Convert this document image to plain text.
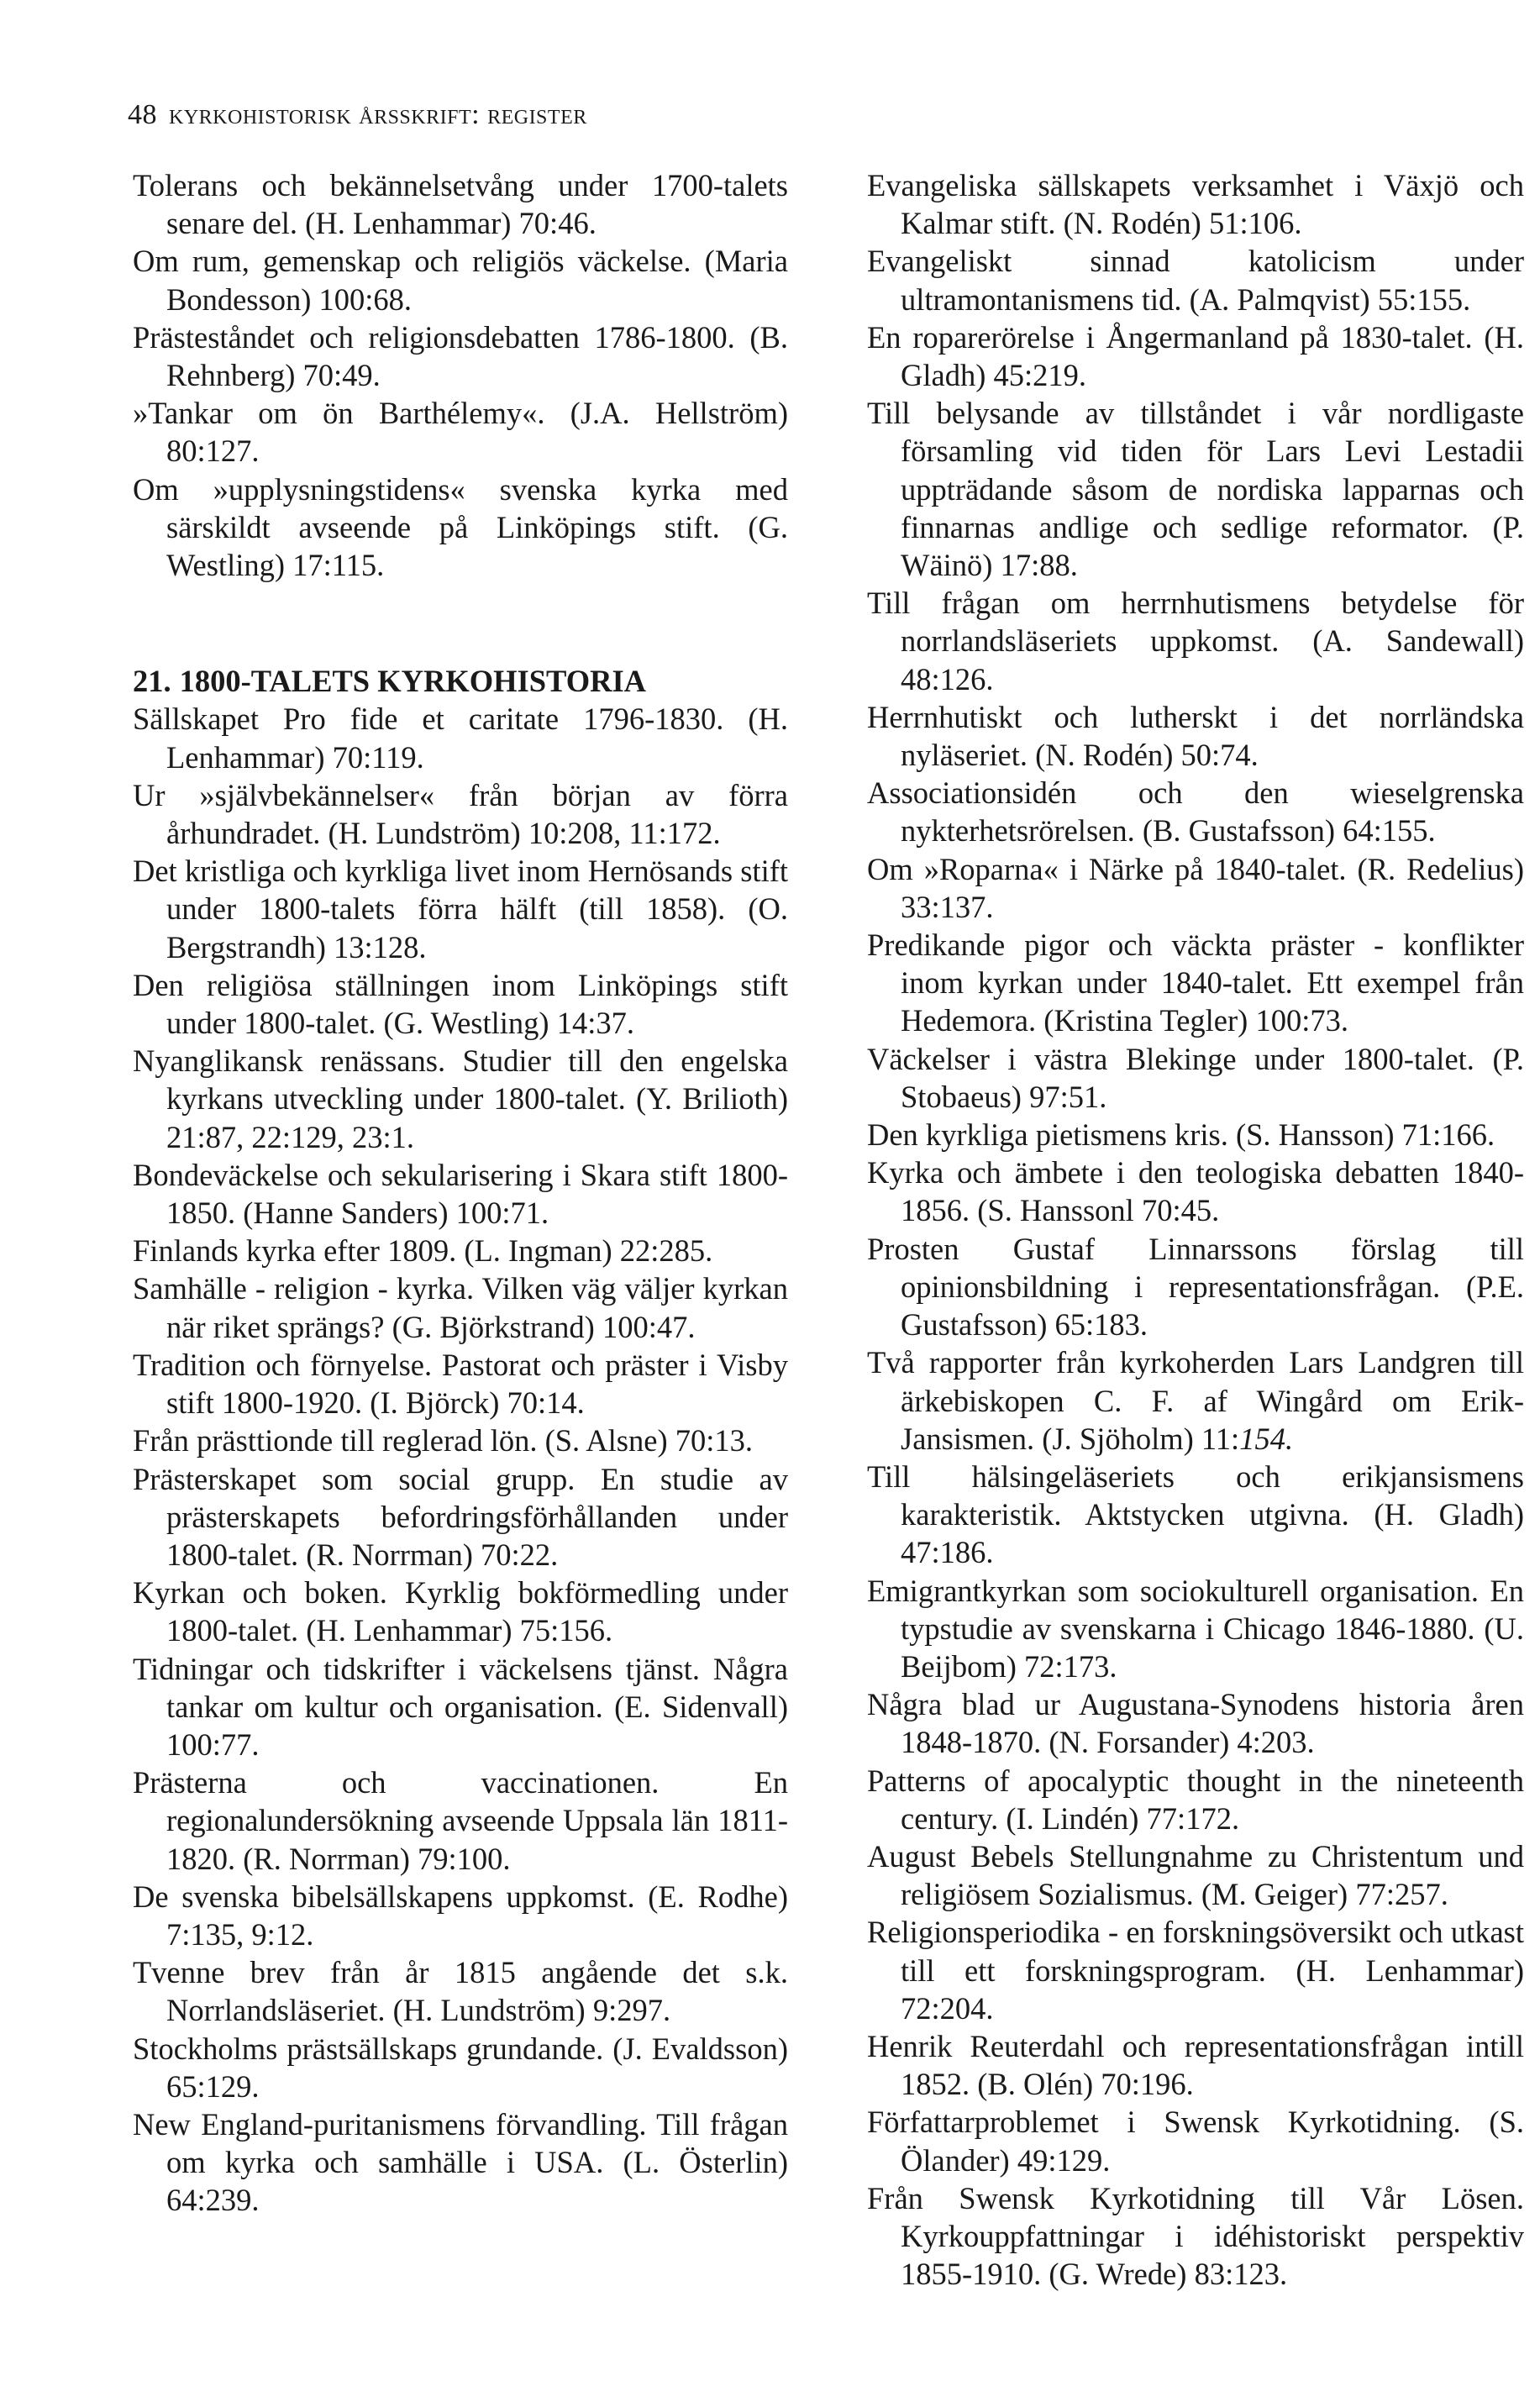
48 kyrkohistorisk årsskrift: register

Tolerans och bekännelsetvång under 1700-talets senare del. (H. Lenhammar) 70:46.

Om rum, gemenskap och religiös väckelse. (Maria Bondesson) 100:68.

Prästeståndet och religionsdebatten 1786-1800. (B. Rehnberg) 70:49.

»Tankar om ön Barthélemy«. (J.A. Hellström) 80:127.

Om »upplysningstidens« svenska kyrka med särskildt avseende på Linköpings stift. (G. Westling) 17:115.

21. 1800-TALETS KYRKOHISTORIA

Sällskapet Pro fide et caritate 1796-1830. (H. Lenhammar) 70:119.

Ur »självbekännelser« från början av förra århundradet. (H. Lundström) 10:208, 11:172.

Det kristliga och kyrkliga livet inom Hernösands stift under 1800-talets förra hälft (till 1858). (O. Bergstrandh) 13:128.

Den religiösa ställningen inom Linköpings stift under 1800-talet. (G. Westling) 14:37.

Nyanglikansk renässans. Studier till den engelska kyrkans utveckling under 1800-talet. (Y. Brilioth) 21:87, 22:129, 23:1.

Bondeväckelse och sekularisering i Skara stift 1800-1850. (Hanne Sanders) 100:71.

Finlands kyrka efter 1809. (L. Ingman) 22:285.

Samhälle - religion - kyrka. Vilken väg väljer kyrkan när riket sprängs? (G. Björkstrand) 100:47.

Tradition och förnyelse. Pastorat och präster i Visby stift 1800-1920. (I. Björck) 70:14.

Från prästtionde till reglerad lön. (S. Alsne) 70:13.

Prästerskapet som social grupp. En studie av prästerskapets befordringsförhållanden under 1800-talet. (R. Norrman) 70:22.

Kyrkan och boken. Kyrklig bokförmedling under 1800-talet. (H. Lenhammar) 75:156.

Tidningar och tidskrifter i väckelsens tjänst. Några tankar om kultur och organisation. (E. Sidenvall) 100:77.

Prästerna och vaccinationen. En regionalundersökning avseende Uppsala län 1811-1820. (R. Norrman) 79:100.

De svenska bibelsällskapens uppkomst. (E. Rodhe) 7:135, 9:12.

Tvenne brev från år 1815 angående det s.k. Norrlandsläseriet. (H. Lundström) 9:297.

Stockholms prästsällskaps grundande. (J. Evaldsson) 65:129.

New England-puritanismens förvandling. Till frågan om kyrka och samhälle i USA. (L. Österlin) 64:239.

Evangeliska sällskapets verksamhet i Växjö och Kalmar stift. (N. Rodén) 51:106.

Evangeliskt sinnad katolicism under ultramontanismens tid. (A. Palmqvist) 55:155.

En roparerörelse i Ångermanland på 1830-talet. (H. Gladh) 45:219.

Till belysande av tillståndet i vår nordligaste församling vid tiden för Lars Levi Lestadii uppträdande såsom de nordiska lapparnas och finnarnas andlige och sedlige reformator. (P. Wäinö) 17:88.

Till frågan om herrnhutismens betydelse för norrlandsläseriets uppkomst. (A. Sandewall) 48:126.

Herrnhutiskt och lutherskt i det norrländska nyläseriet. (N. Rodén) 50:74.

Associationsidén och den wieselgrenska nykterhetsrörelsen. (B. Gustafsson) 64:155.

Om »Roparna« i Närke på 1840-talet. (R. Redelius) 33:137.

Predikande pigor och väckta präster - konflikter inom kyrkan under 1840-talet. Ett exempel från Hedemora. (Kristina Tegler) 100:73.

Väckelser i västra Blekinge under 1800-talet. (P. Stobaeus) 97:51.

Den kyrkliga pietismens kris. (S. Hansson) 71:166.

Kyrka och ämbete i den teologiska debatten 1840-1856. (S. Hanssonl 70:45.

Prosten Gustaf Linnarssons förslag till opinionsbildning i representationsfrågan. (P.E. Gustafsson) 65:183.

Två rapporter från kyrkoherden Lars Landgren till ärkebiskopen C. F. af Wingård om Erik-Jansismen. (J. Sjöholm) 11:154.

Till hälsingeläseriets och erikjansismens karakteristik. Aktstycken utgivna. (H. Gladh) 47:186.

Emigrantkyrkan som sociokulturell organisation. En typstudie av svenskarna i Chicago 1846-1880. (U. Beijbom) 72:173.

Några blad ur Augustana-Synodens historia åren 1848-1870. (N. Forsander) 4:203.

Patterns of apocalyptic thought in the nineteenth century. (I. Lindén) 77:172.

August Bebels Stellungnahme zu Christentum und religiösem Sozialismus. (M. Geiger) 77:257.

Religionsperiodika - en forskningsöversikt och utkast till ett forskningsprogram. (H. Lenhammar) 72:204.

Henrik Reuterdahl och representationsfrågan intill 1852. (B. Olén) 70:196.

Författarproblemet i Swensk Kyrkotidning. (S. Ölander) 49:129.

Från Swensk Kyrkotidning till Vår Lösen. Kyrkouppfattningar i idéhistoriskt perspektiv 1855-1910. (G. Wrede) 83:123.
